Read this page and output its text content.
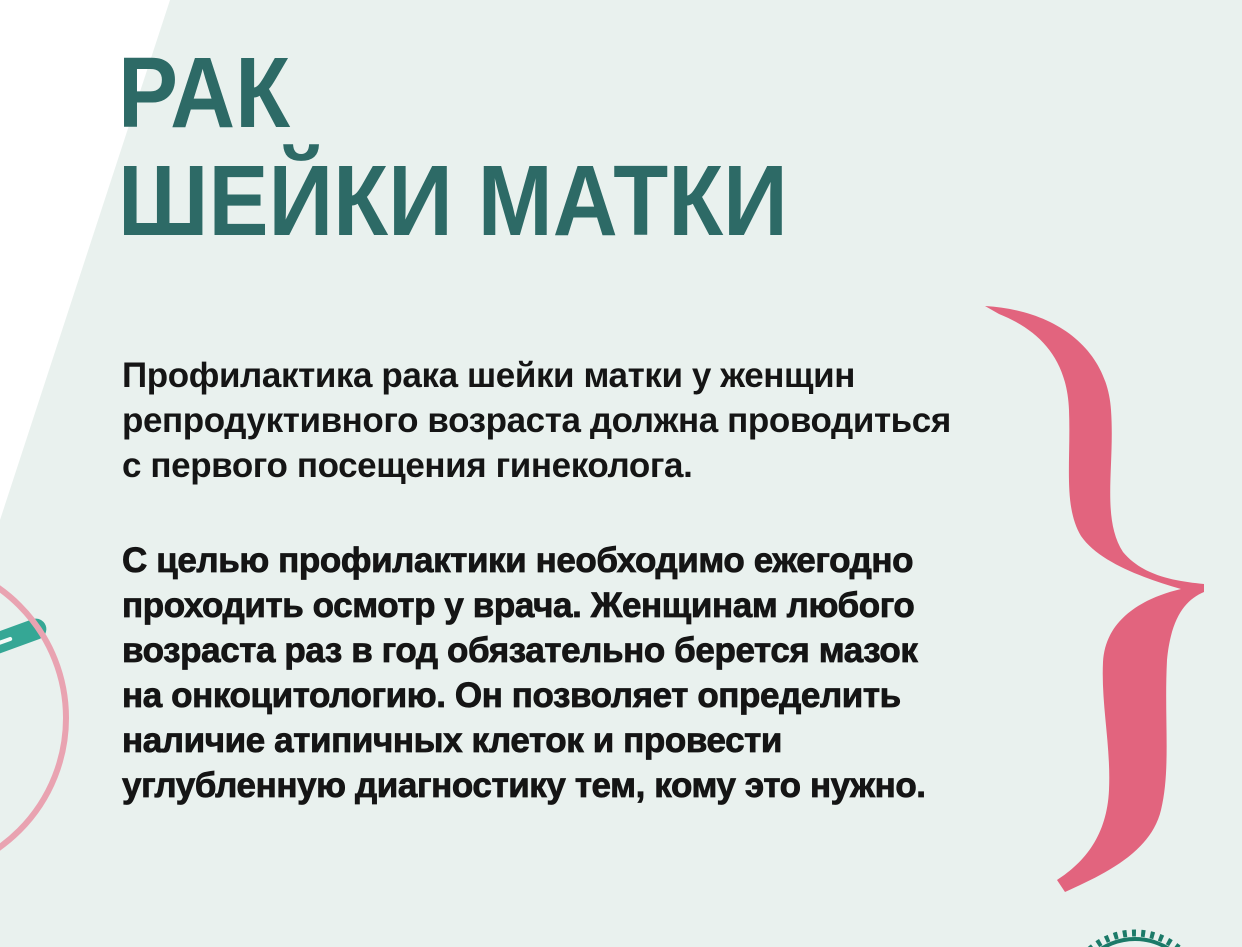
РАК
ШЕЙКИ МАТКИ

Профилактика рака шейки матки у женщин
репродуктивного возраста должна проводиться
с первого посещения гинеколога.

С целью профилактики необходимо ежегодно
проходить осмотр у врача. Женщинам любого
возраста раз в год обязательно берется мазок
на онкоцитологию. Он позволяет определить
наличие атипичных клеток и провести
углубленную диагностику тем, кому это нужно.
